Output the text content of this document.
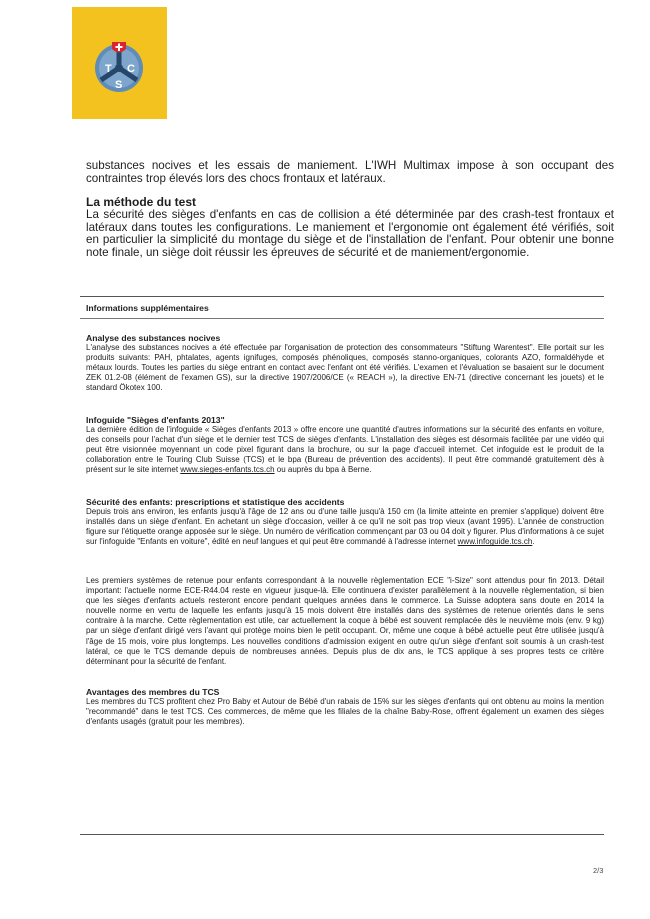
T C
S

substances nocives et les essais de maniement. L'IWH Multimax impose à son occupant des contraintes trop élevés lors des chocs frontaux et latéraux.

La méthode du test

La sécurité des sièges d'enfants en cas de collision a été déterminée par des crash-test frontaux et latéraux dans toutes les configurations. Le maniement et l'ergonomie ont également été vérifiés, soit en particulier la simplicité du montage du siège et de l'installation de l'enfant. Pour obtenir une bonne note finale, un siège doit réussir les épreuves de sécurité et de maniement/ergonomie.

Informations supplémentaires
Analyse des substances nocives

L'analyse des substances nocives a été effectuée par l'organisation de protection des consommateurs "Stiftung Warentest". Elle portait sur les produits suivants: PAH, phtalates, agents ignifuges, composés phénoliques, composés stanno-organiques, colorants AZO, formaldéhyde et métaux lourds. Toutes les parties du siège entrant en contact avec l'enfant ont été vérifiés. L'examen et l'évaluation se basaient sur le document ZEK 01.2-08 (élément de l'examen GS), sur la directive 1907/2006/CE (« REACH »), la directive EN-71 (directive concernant les jouets) et le standard Ökotex 100.

Infoguide "Sièges d'enfants 2013"

La dernière édition de l'infoguide « Sièges d'enfants 2013 » offre encore une quantité d'autres informations sur la sécurité des enfants en voiture, des conseils pour l'achat d'un siège et le dernier test TCS de sièges d'enfants. L'installation des sièges est désormais facilitée par une vidéo qui peut être visionnée moyennant un code pixel figurant dans la brochure, ou sur la page d'accueil internet. Cet infoguide est le produit de la collaboration entre le Touring Club Suisse (TCS) et le bpa (Bureau de prévention des accidents). Il peut être commandé gratuitement dès à présent sur le site internet www.sieges-enfants.tcs.ch ou auprès du bpa à Berne.

Sécurité des enfants: prescriptions et statistique des accidents

Depuis trois ans environ, les enfants jusqu'à l'âge de 12 ans ou d'une taille jusqu'à 150 cm (la limite atteinte en premier s'applique) doivent être installés dans un siège d'enfant. En achetant un siège d'occasion, veiller à ce qu'il ne soit pas trop vieux (avant 1995). L'année de construction figure sur l'étiquette orange apposée sur le siège. Un numéro de vérification commençant par 03 ou 04 doit y figurer. Plus d'informations à ce sujet sur l'infoguide "Enfants en voiture", édité en neuf langues et qui peut être commandé à l'adresse internet www.infoguide.tcs.ch.

Les premiers systèmes de retenue pour enfants correspondant à la nouvelle règlementation ECE "i-Size" sont attendus pour fin 2013. Détail important: l'actuelle norme ECE-R44.04 reste en vigueur jusque-là. Elle continuera d'exister parallèlement à la nouvelle règlementation, si bien que les sièges d'enfants actuels resteront encore pendant quelques années dans le commerce. La Suisse adoptera sans doute en 2014 la nouvelle norme en vertu de laquelle les enfants jusqu'à 15 mois doivent être installés dans des systèmes de retenue orientés dans le sens contraire à la marche. Cette règlementation est utile, car actuellement la coque à bébé est souvent remplacée dès le neuvième mois (env. 9 kg) par un siège d'enfant dirigé vers l'avant qui protège moins bien le petit occupant. Or, même une coque à bébé actuelle peut être utilisée jusqu'à l'âge de 15 mois, voire plus longtemps. Les nouvelles conditions d'admission exigent en outre qu'un siège d'enfant soit soumis à un crash-test latéral, ce que le TCS demande depuis de nombreuses années. Depuis plus de dix ans, le TCS applique à ses propres tests ce critère déterminant pour la sécurité de l'enfant.

Avantages des membres du TCS

Les membres du TCS profitent chez Pro Baby et Autour de Bébé d'un rabais de 15% sur les sièges d'enfants qui ont obtenu au moins la mention "recommandé" dans le test TCS. Ces commerces, de même que les filiales de la chaîne Baby-Rose, offrent également un examen des sièges d'enfants usagés (gratuit pour les membres).

2/3
